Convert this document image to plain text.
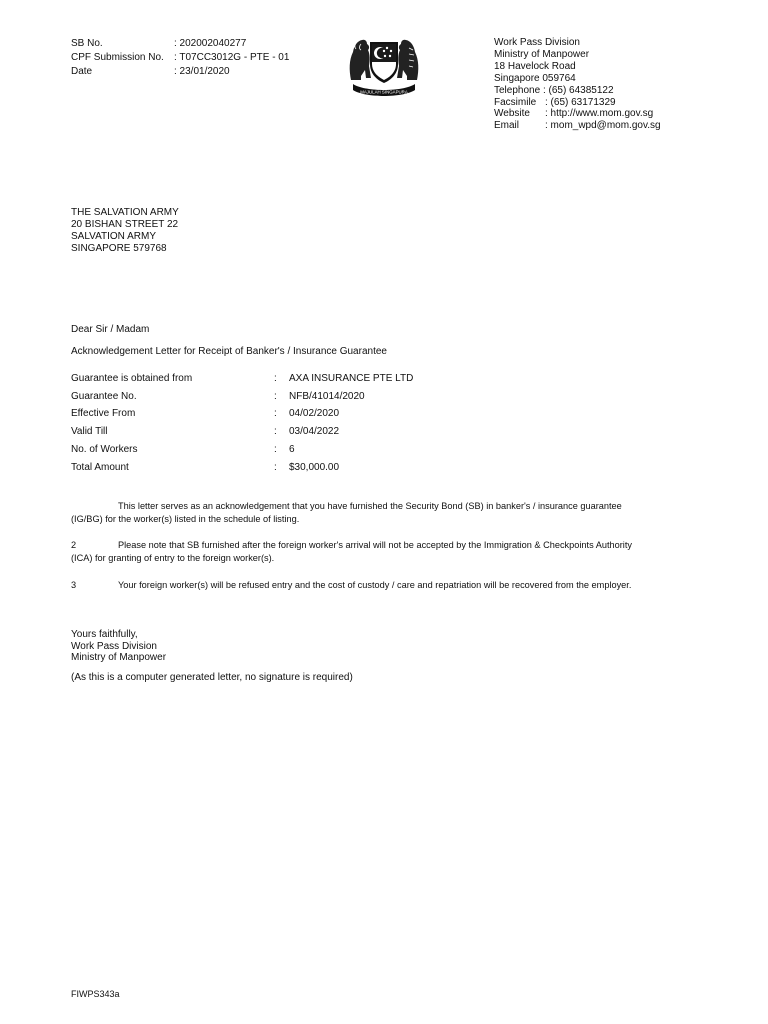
SB No.	: 202002040277
CPF Submission No. : T07CC3012G - PTE - 01
Date	: 23/01/2020
MAJULAH SINGAPURA
Work Pass Division
Ministry of Manpower
18 Havelock Road
Singapore 059764
Telephone : (65) 64385122
Facsimile : (65) 63171329
Website : http://www.mom.gov.sg
Email	: mom_wpd@mom.gov.sg
THE SALVATION ARMY
20 BISHAN STREET 22
SALVATION ARMY
SINGAPORE 579768
Dear Sir / Madam
Acknowledgement Letter for Receipt of Banker's / Insurance Guarantee
Guarantee is obtained from	: AXA INSURANCE PTE LTD
Guarantee No.	: NFB/41014/2020
Effective From	: 04/02/2020
Valid Till	: 03/04/2022
No. of Workers	: 6
Total Amount	: $30,000.00
This letter serves as an acknowledgement that you have furnished the Security Bond (SB) in banker's / insurance guarantee
(IG/BG) for the worker(s) listed in the schedule of listing.
2	Please note that SB furnished after the foreign worker's arrival will not be accepted by the Immigration & Checkpoints Authority
(ICA) for granting of entry to the foreign worker(s).
3	Your foreign worker(s) will be refused entry and the cost of custody / care and repatriation will be recovered from the employer.
Yours faithfully,
Work Pass Division
Ministry of Manpower
(As this is a computer generated letter, no signature is required)
FIWPS343a
